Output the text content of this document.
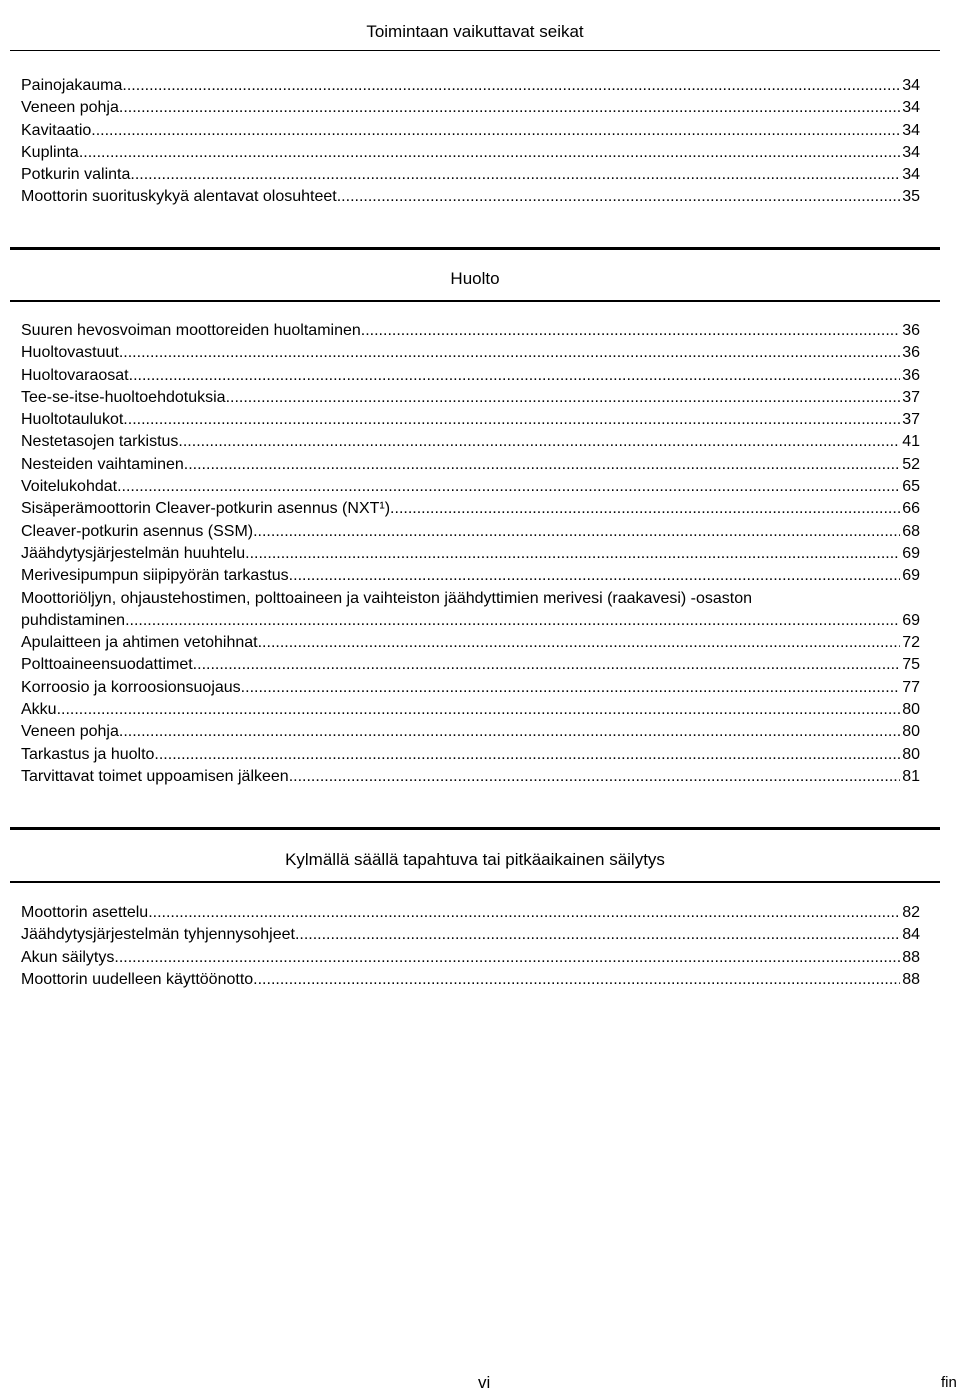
Toimintaan vaikuttavat seikat
Painojakauma .....	34
Veneen pohja .....	34
Kavitaatio .....	34
Kuplinta .....	34
Potkurin valinta .....	34
Moottorin suorituskykyä alentavat olosuhteet .....	35
Huolto
Suuren hevosvoiman moottoreiden huoltaminen .....	36
Huoltovastuut .....	36
Huoltovaraosat .....	36
Tee-se-itse-huoltoehdotuksia .....	37
Huoltotaulukot .....	37
Nestetasojen tarkistus .....	41
Nesteiden vaihtaminen .....	52
Voitelukohdat .....	65
Sisäperämoottorin Cleaver-potkurin asennus (NXT¹) .....	66
Cleaver-potkurin asennus (SSM) .....	68
Jäähdytysjärjestelmän huuhtelu .....	69
Merivesipumpun siipipyörän tarkastus .....	69
Moottoriöljyn, ohjaustehostimen, polttoaineen ja vaihteiston jäähdyttimien merivesi (raakavesi) -osaston
puhdistaminen .....	69
Apulaitteen ja ahtimen vetohihnat .....	72
Polttoaineensuodattimet .....	75
Korroosio ja korroosionsuojaus .....	77
Akku .....	80
Veneen pohja .....	80
Tarkastus ja huolto .....	80
Tarvittavat toimet uppoamisen jälkeen .....	81
Kylmällä säällä tapahtuva tai pitkäaikainen säilytys
Moottorin asettelu .....	82
Jäähdytysjärjestelmän tyhjennysohjeet .....	84
Akun säilytys .....	88
Moottorin uudelleen käyttöönotto .....	88
vi	fin
